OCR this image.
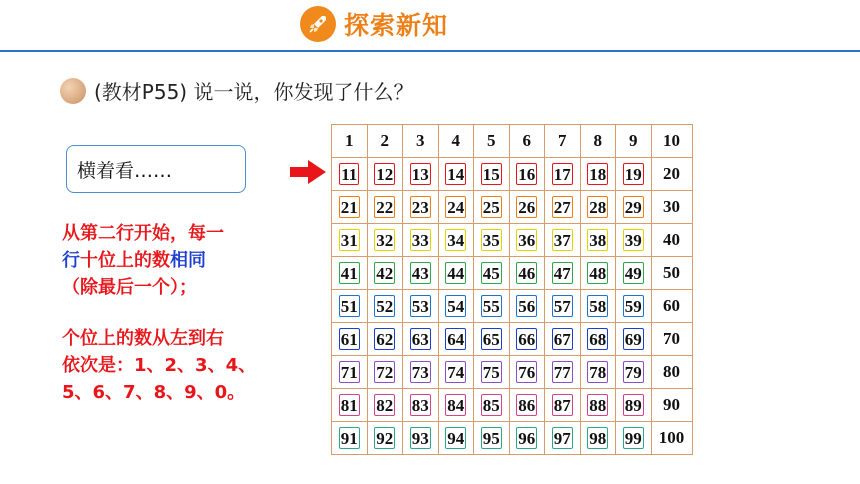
探索新知
(教材P55) 说一说，你发现了什么？
横着看……
从第二行开始，每一
行十位上的数相同
（除最后一个）；
个位上的数从左到右
依次是：1、2、3、4、
5、6、7、8、9、0。
1	2	3	4	5	6	7	8	9	10
11	12	13	14	15	16	17	18	19	20
21	22	23	24	25	26	27	28	29	30
31	32	33	34	35	36	37	38	39	40
41	42	43	44	45	46	47	48	49	50
51	52	53	54	55	56	57	58	59	60
61	62	63	64	65	66	67	68	69	70
71	72	73	74	75	76	77	78	79	80
81	82	83	84	85	86	87	88	89	90
91	92	93	94	95	96	97	98	99	100
